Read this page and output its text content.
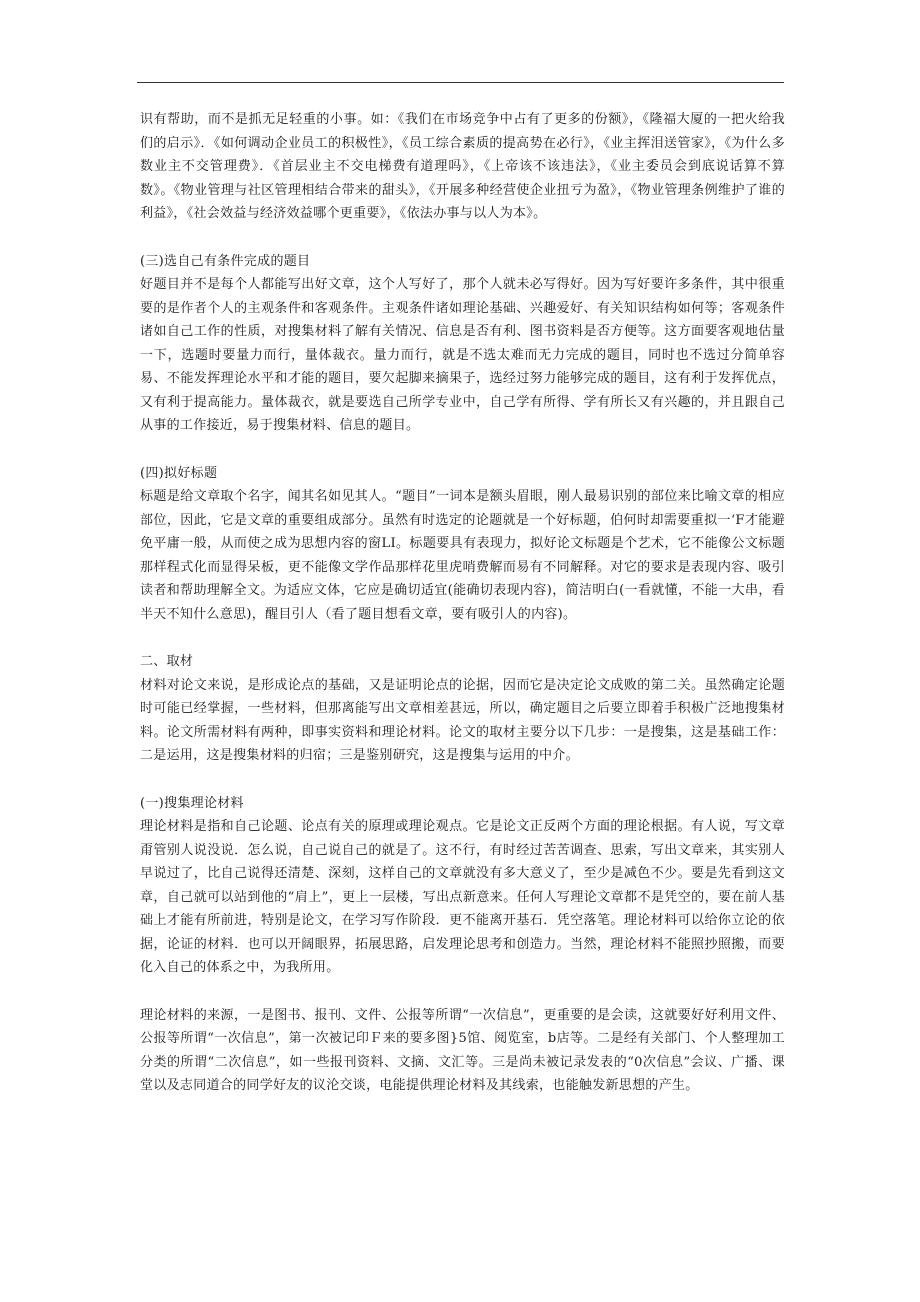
识有帮助，而不是抓无足轻重的小事。如：《我们在市场竞争中占有了更多的份额》，《隆福大厦的一把火给我们的启示》．《如何调动企业员工的积极性》，《员工综合素质的提高势在必行》，《业主挥泪送管家》，《为什么多数业主不交管理费》．《首层业主不交电梯费有道理吗》，《上帝该不该违法》，《业主委员会到底说话算不算数》。《物业管理与社区管理相结合带来的甜头》，《开展多种经营使企业扭亏为盈》，《物业管理条例维护了谁的利益》，《社会效益与经济效益哪个更重要》，《依法办事与以人为本》。

(三)选自己有条件完成的题目

好题目并不是每个人都能写出好文章，这个人写好了，那个人就未必写得好。因为写好要许多条件，其中很重要的是作者个人的主观条件和客观条件。主观条件诸如理论基础、兴趣爱好、有关知识结构如何等；客观条件诸如自己工作的性质，对搜集材料了解有关情况、信息是否有利、图书资料是否方便等。这方面要客观地估量一下，选题时要量力而行，量体裁衣。量力而行，就是不选太难而无力完成的题目，同时也不选过分简单容易、不能发挥理论水平和才能的题目，要欠起脚来摘果子，选经过努力能够完成的题目，这有利于发挥优点，又有利于提高能力。量体裁衣，就是要选自己所学专业中，自己学有所得、学有所长又有兴趣的，并且跟自己从事的工作接近，易于搜集材料、信息的题目。

(四)拟好标题

标题是给文章取个名字，闻其名如见其人。“题目”一词本是额头眉眼，刚人最易识别的部位来比喻文章的相应部位，因此，它是文章的重要组成部分。虽然有时选定的论题就是一个好标题，伯何时却需要重拟一‘F才能避免平庸一般，从而使之成为思想内容的窗LI。标题要具有表现力，拟好论文标题是个艺术，它不能像公文标题那样程式化而显得呆板，更不能像文学作品那样花里虎哨费解而易有不同解释。对它的要求是表现内容、吸引读者和帮助理解全文。为适应文体，它应是确切适宜(能确切表现内容)，简洁明白(一看就懂，不能一大串，看半天不知什么意思)，醒目引人（看了题目想看文章，要有吸引人的内容)。

二、取材

材料对论文来说，是形成论点的基础，又是证明论点的论据，因而它是决定论文成败的第二关。虽然确定论题时可能已经掌握，一些材料，但那离能写出文章相差甚远，所以，确定题目之后要立即着手积极广泛地搜集材料。论文所需材料有两种，即事实资料和理论材料。论文的取材主要分以下几步：一是搜集，这是基础工作：二是运用，这是搜集材料的归宿；三是鉴别研究，这是搜集与运用的中介。

(一)搜集理论材料

理论材料是指和自己论题、论点有关的原理或理论观点。它是论文正反两个方面的理论根据。有人说，写文章甭管别人说没说．怎么说，自己说自己的就是了。这不行，有时经过苦苦调查、思索，写出文章来，其实别人早说过了，比自己说得还清楚、深刻，这样自己的文章就没有多大意义了，至少是减色不少。要是先看到这文章，自己就可以站到他的“肩上”，更上一层楼，写出点新意来。任何人写理论文章都不是凭空的，要在前人基础上才能有所前进，特别是论文，在学习写作阶段．更不能离开基石．凭空落笔。理论材料可以给你立论的依据，论证的材料．也可以开阔眼界，拓展思路，启发理论思考和创造力。当然，理论材料不能照抄照搬，而要化入自己的体系之中，为我所用。

理论材料的来源，一是图书、报刊、文件、公报等所谓“一次信息”，更重要的是会读，这就要好好利用文件、公报等所谓“一次信息”，第一次被记印Ｆ来的要多图}5馆、阅览室，b店等。二是经有关部门、个人整理加工分类的所谓“二次信息”，如一些报刊资料、文摘、文汇等。三是尚未被记录发表的“0次信息”会议、广播、课堂以及志同道合的同学好友的议沦交谈，电能提供理论材料及其线索，也能触发新思想的产生。
